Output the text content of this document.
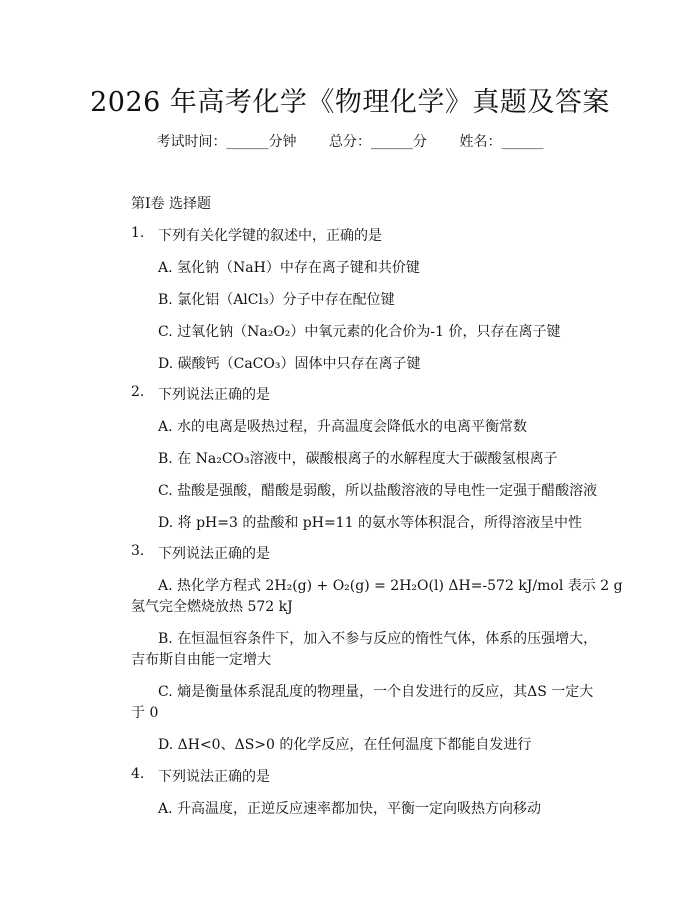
2026 年高考化学《物理化学》真题及答案
考试时间：______分钟 总分：______分 姓名：______
第Ⅰ卷 选择题
1. 下列有关化学键的叙述中，正确的是
A. 氢化钠（NaH）中存在离子键和共价键
B. 氯化铝（AlCl₃）分子中存在配位键
C. 过氧化钠（Na₂O₂）中氧元素的化合价为-1 价，只存在离子键
D. 碳酸钙（CaCO₃）固体中只存在离子键
2. 下列说法正确的是
A. 水的电离是吸热过程，升高温度会降低水的电离平衡常数
B. 在 Na₂CO₃溶液中，碳酸根离子的水解程度大于碳酸氢根离子
C. 盐酸是强酸，醋酸是弱酸，所以盐酸溶液的导电性一定强于醋酸溶液
D. 将 pH=3 的盐酸和 pH=11 的氨水等体积混合，所得溶液呈中性
3. 下列说法正确的是
A. 热化学方程式 2H₂(g) + O₂(g) = 2H₂O(l) ΔH=-572 kJ/mol 表示 2 g
氢气完全燃烧放热 572 kJ
B. 在恒温恒容条件下，加入不参与反应的惰性气体，体系的压强增大，
吉布斯自由能一定增大
C. 熵是衡量体系混乱度的物理量，一个自发进行的反应，其ΔS 一定大
于 0
D. ΔH<0、ΔS>0 的化学反应，在任何温度下都能自发进行
4. 下列说法正确的是
A. 升高温度，正逆反应速率都加快，平衡一定向吸热方向移动
